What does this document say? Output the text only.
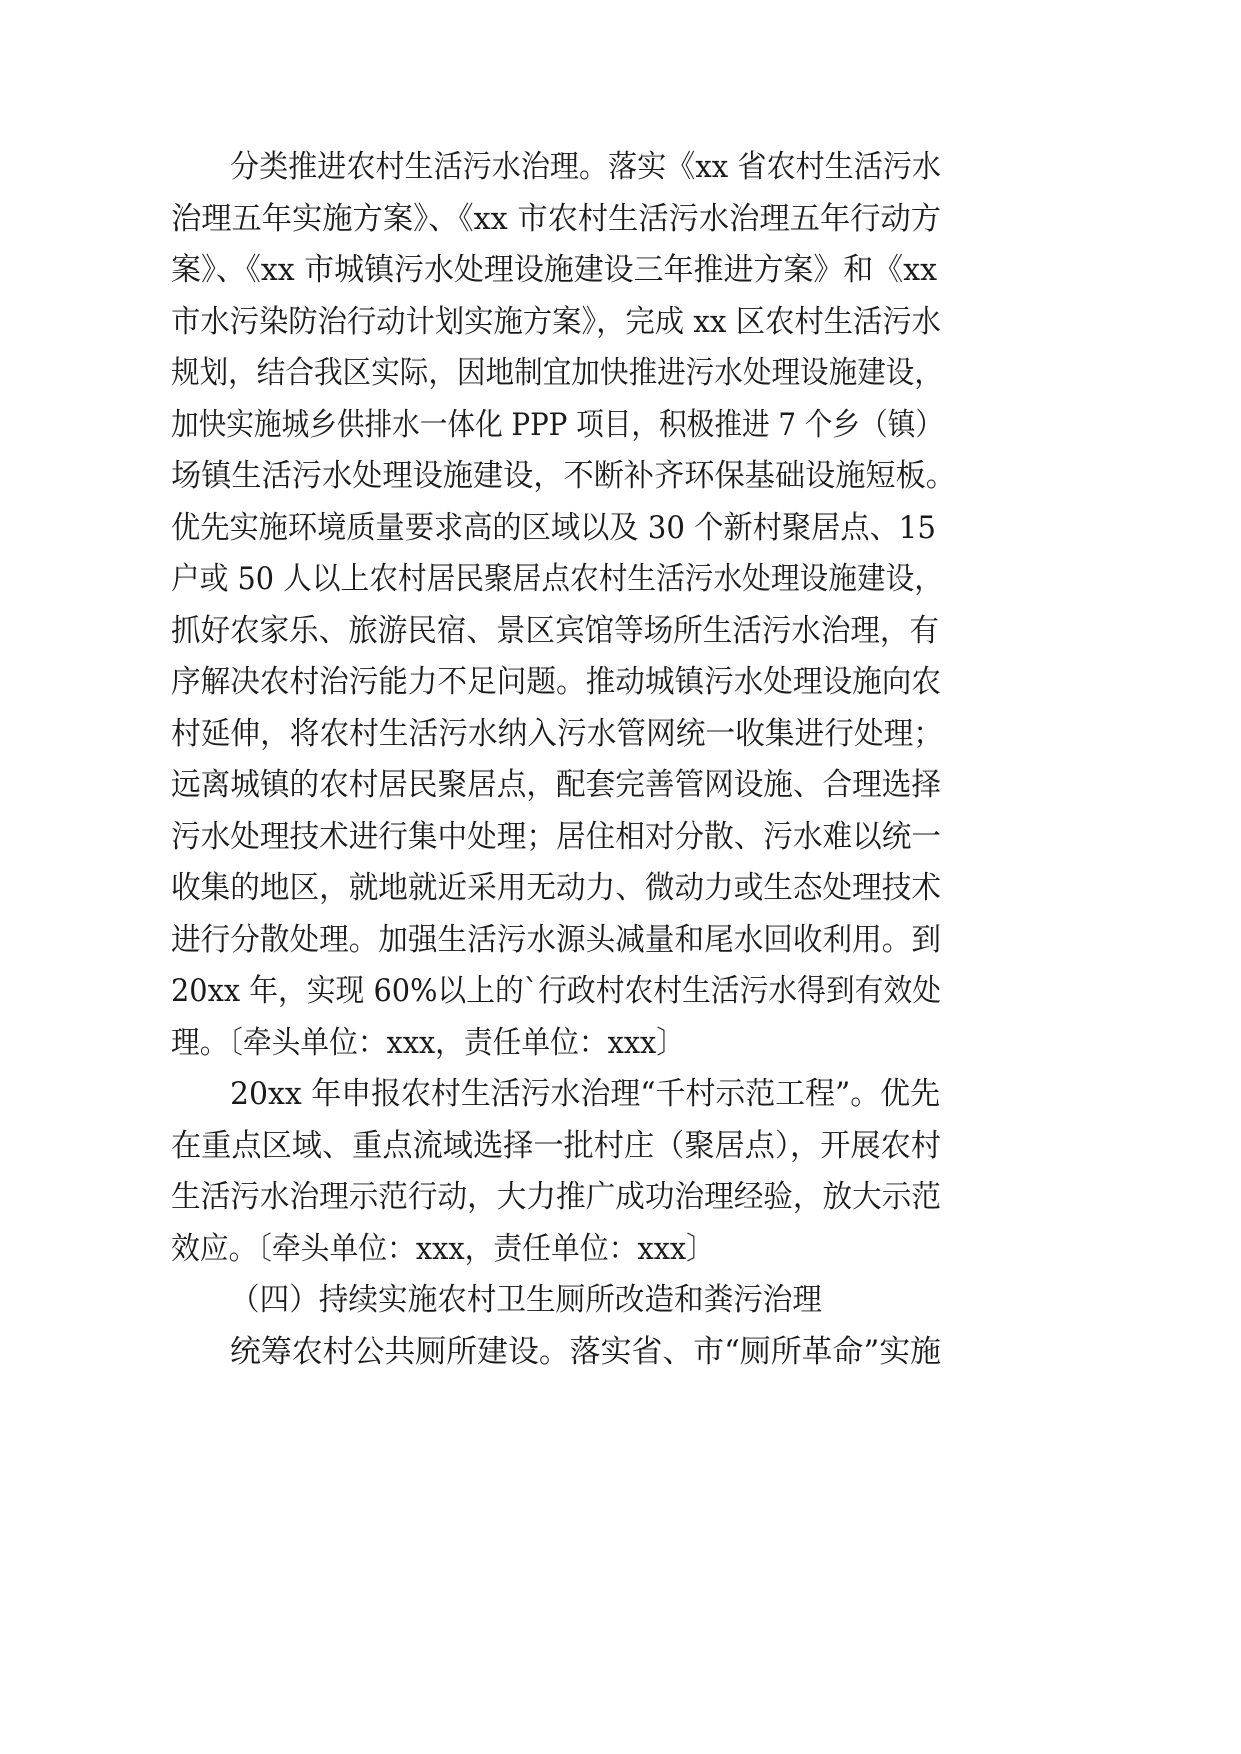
分类推进农村生活污水治理。落实《xx 省农村生活污水
治理五年实施方案》、《xx 市农村生活污水治理五年行动方
案》、《xx 市城镇污水处理设施建设三年推进方案》和《xx
市水污染防治行动计划实施方案》，完成 xx 区农村生活污水
规划，结合我区实际，因地制宜加快推进污水处理设施建设，
加快实施城乡供排水一体化 PPP 项目，积极推进 7 个乡（镇）
场镇生活污水处理设施建设，不断补齐环保基础设施短板。
优先实施环境质量要求高的区域以及 30 个新村聚居点、15
户或 50 人以上农村居民聚居点农村生活污水处理设施建设，
抓好农家乐、旅游民宿、景区宾馆等场所生活污水治理，有
序解决农村治污能力不足问题。推动城镇污水处理设施向农
村延伸，将农村生活污水纳入污水管网统一收集进行处理；
远离城镇的农村居民聚居点，配套完善管网设施、合理选择
污水处理技术进行集中处理；居住相对分散、污水难以统一
收集的地区，就地就近采用无动力、微动力或生态处理技术
进行分散处理。加强生活污水源头减量和尾水回收利用。到
20xx 年，实现 60%以上的`行政村农村生活污水得到有效处
理。〔牵头单位：xxx，责任单位：xxx〕
20xx 年申报农村生活污水治理“千村示范工程”。优先
在重点区域、重点流域选择一批村庄（聚居点），开展农村
生活污水治理示范行动，大力推广成功治理经验，放大示范
效应。〔牵头单位：xxx，责任单位：xxx〕
（四）持续实施农村卫生厕所改造和粪污治理
统筹农村公共厕所建设。落实省、市“厕所革命”实施
